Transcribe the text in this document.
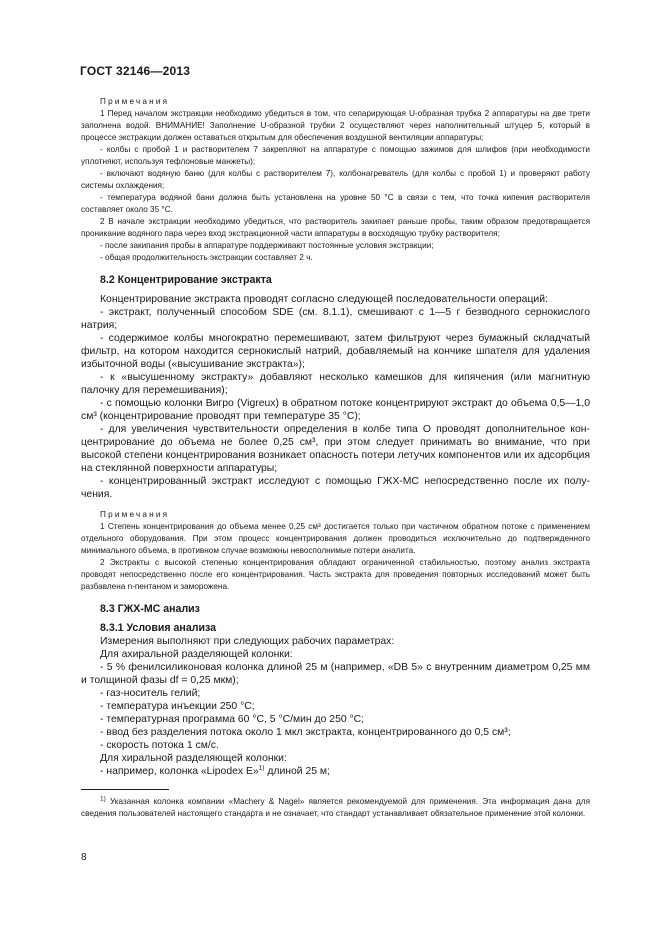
ГОСТ 32146—2013

Примечания

1 Перед началом экстракции необходимо убедиться в том, что сепарирующая U-образная трубка 2 аппаратуры на две трети заполнена водой. ВНИМАНИЕ! Заполнение U-образной трубки 2 осуществляют через наполнительный штуцер 5, который в процессе экстракции должен оставаться открытым для обеспечения воздушной вентиляции аппаратуры;

- колбы с пробой 1 и растворителем 7 закрепляют на аппаратуре с помощью зажимов для шлифов (при необходимости уплотняют, используя тефлоновые манжеты);

- включают водяную баню (для колбы с растворителем 7), колбонагреватель (для колбы с пробой 1) и проверяют работу системы охлаждения;

- температура водяной бани должна быть установлена на уровне 50 °С в связи с тем, что точка кипения растворителя составляет около 35 °С.

2 В начале экстракции необходимо убедиться, что растворитель закипает раньше пробы, таким образом предотвращается проникание водяного пара через вход экстракционной части аппаратуры в восходящую трубку растворителя;

- после закипания пробы в аппаратуре поддерживают постоянные условия экстракции;

- общая продолжительность экстракции составляет 2 ч.

8.2 Концентрирование экстракта

Концентрирование экстракта проводят согласно следующей последовательности операций:

- экстракт, полученный способом SDE (см. 8.1.1), смешивают с 1—5 г безводного сернокислого натрия;

- содержимое колбы многократно перемешивают, затем фильтруют через бумажный складчатый фильтр, на котором находится сернокислый натрий, добавляемый на кончике шпателя для удаления избыточной воды («высушивание экстракта»);

- к «высушенному экстракту» добавляют несколько камешков для кипячения (или магнитную палочку для перемешивания);

- с помощью колонки Вигро (Vigreux) в обратном потоке концентрируют экстракт до объема 0,5—1,0 см³ (концентрирование проводят при температуре 35 °С);

- для увеличения чувствительности определения в колбе типа О проводят дополнительное концентрирование до объема не более 0,25 см³, при этом следует принимать во внимание, что при высокой степени концентрирования возникает опасность потери летучих компонентов или их адсорбция на стеклянной поверхности аппаратуры;

- концентрированный экстракт исследуют с помощью ГЖХ-МС непосредственно после их получения.

Примечания

1 Степень концентрирования до объема менее 0,25 см³ достигается только при частичном обратном потоке с применением отдельного оборудования. При этом процесс концентрирования должен проводиться исключительно до подтвержденного минимального объема, в противном случае возможны невосполнимые потери аналита.

2 Экстракты с высокой степенью концентрирования обладают ограниченной стабильностью, поэтому анализ экстракта проводят непосредственно после его концентрирования. Часть экстракта для проведения повторных исследований может быть разбавлена n-пентаном и заморожена.

8.3 ГЖХ-МС анализ
8.3.1 Условия анализа

Измерения выполняют при следующих рабочих параметрах:

Для ахиральной разделяющей колонки:

- 5 % фенилсиликоновая колонка длиной 25 м (например, «DB 5» с внутренним диаметром 0,25 мм и толщиной фазы df = 0,25 мкм);

- газ-носитель гелий;

- температура инъекции 250 °С;

- температурная программа 60 °С, 5 °С/мин до 250 °С;

- ввод без разделения потока около 1 мкл экстракта, концентрированного до 0,5 см³;

- скорость потока 1 см/с.

Для хиральной разделяющей колонки:

- например, колонка «Lipodex E»$^{1)}$ длиной 25 м;

$^{1)}$ Указанная колонка компании «Machery & Nagel» является рекомендуемой для применения. Эта информация дана для сведения пользователей настоящего стандарта и не означает, что стандарт устанавливает обязательное применение этой колонки.

8
